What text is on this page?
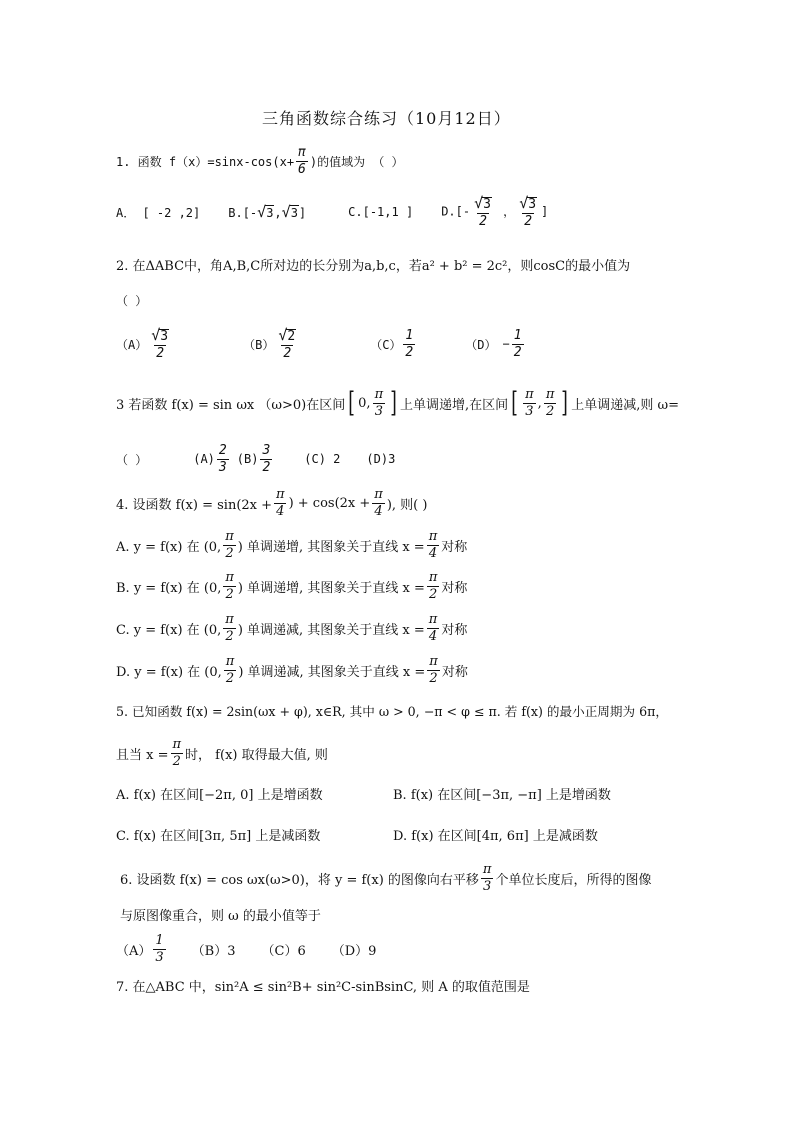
三角函数综合练习（10月12日）
1. 函数 $f(x)=\sin x-\cos(x+ \frac{\pi}{6}$ )的值域为 （ ）
A． [ -2 ,2] B.[- √ 3 , √ 3 ]	C.[-1,1 ] $D.[- \frac{√ 3}{2}$ ， $\frac{√ 3}{2}$ ]
2. 在ΔABC中，角A,B,C所对边的长分别为a,b,c，若a² + b² = 2c²，则cosC的最小值为
（ ）
$(A) \frac{√ 3}{2}$	$(B) \frac{√ 2}{2}$	$(C) \frac{1}{2}$	$(D) - \frac{1}{2}$
3 若函数 f(x) = sin ωx （ω>0)在区间 [ 0, $\frac{\pi}{3}$ ] 上单调递增,在区间 [ $\frac{\pi}{3}$ , $\frac{\pi}{2}$ ] 上单调递减,则 ω=
（ ）	$(A) \frac{2}{3} (B) \frac{3}{2}$	(C) 2 (D)3
4. 设函数 $f(x) = \sin(2x + \frac{\pi}{4}$ ) + $\cos(2x + \frac{\pi}{4}$ ), 则( )
A. y = f(x) 在 (0, $\frac{\pi}{2}$ ) 单调递增, 其图象关于直线 $x = \frac{\pi}{4}$ 对称
B. y = f(x) 在 (0, $\frac{\pi}{2}$ ) 单调递增, 其图象关于直线 $x = \frac{\pi}{2}$ 对称
C. y = f(x) 在 (0, $\frac{\pi}{2}$ ) 单调递减, 其图象关于直线 $x = \frac{\pi}{4}$ 对称
D. y = f(x) 在 (0, $\frac{\pi}{2}$ ) 单调递减, 其图象关于直线 $x = \frac{\pi}{2}$ 对称
5. 已知函数 f(x) = 2sin(ωx + φ), x∈R, 其中 ω > 0, −π < φ ≤ π. 若 f(x) 的最小正周期为 6π，
且当 $x = \frac{\pi}{2}$ 时， f(x) 取得最大值, 则
A. f(x) 在区间[−2π, 0] 上是增函数	B. f(x) 在区间[−3π, −π] 上是增函数
C. f(x) 在区间[3π, 5π] 上是减函数	D. f(x) 在区间[4π, 6π] 上是减函数
6. 设函数 f(x) = cos ωx(ω>0)，将 y = f(x) 的图像向右平移 $\frac{\pi}{3}$ 个单位长度后，所得的图像
与原图像重合，则 ω 的最小值等于
$(A) \frac{1}{3} (B)3$ （C）6 （D）9
7. 在△ABC 中，sin²A ≤ sin²B+ sin²C-sinBsinC, 则 A 的取值范围是
